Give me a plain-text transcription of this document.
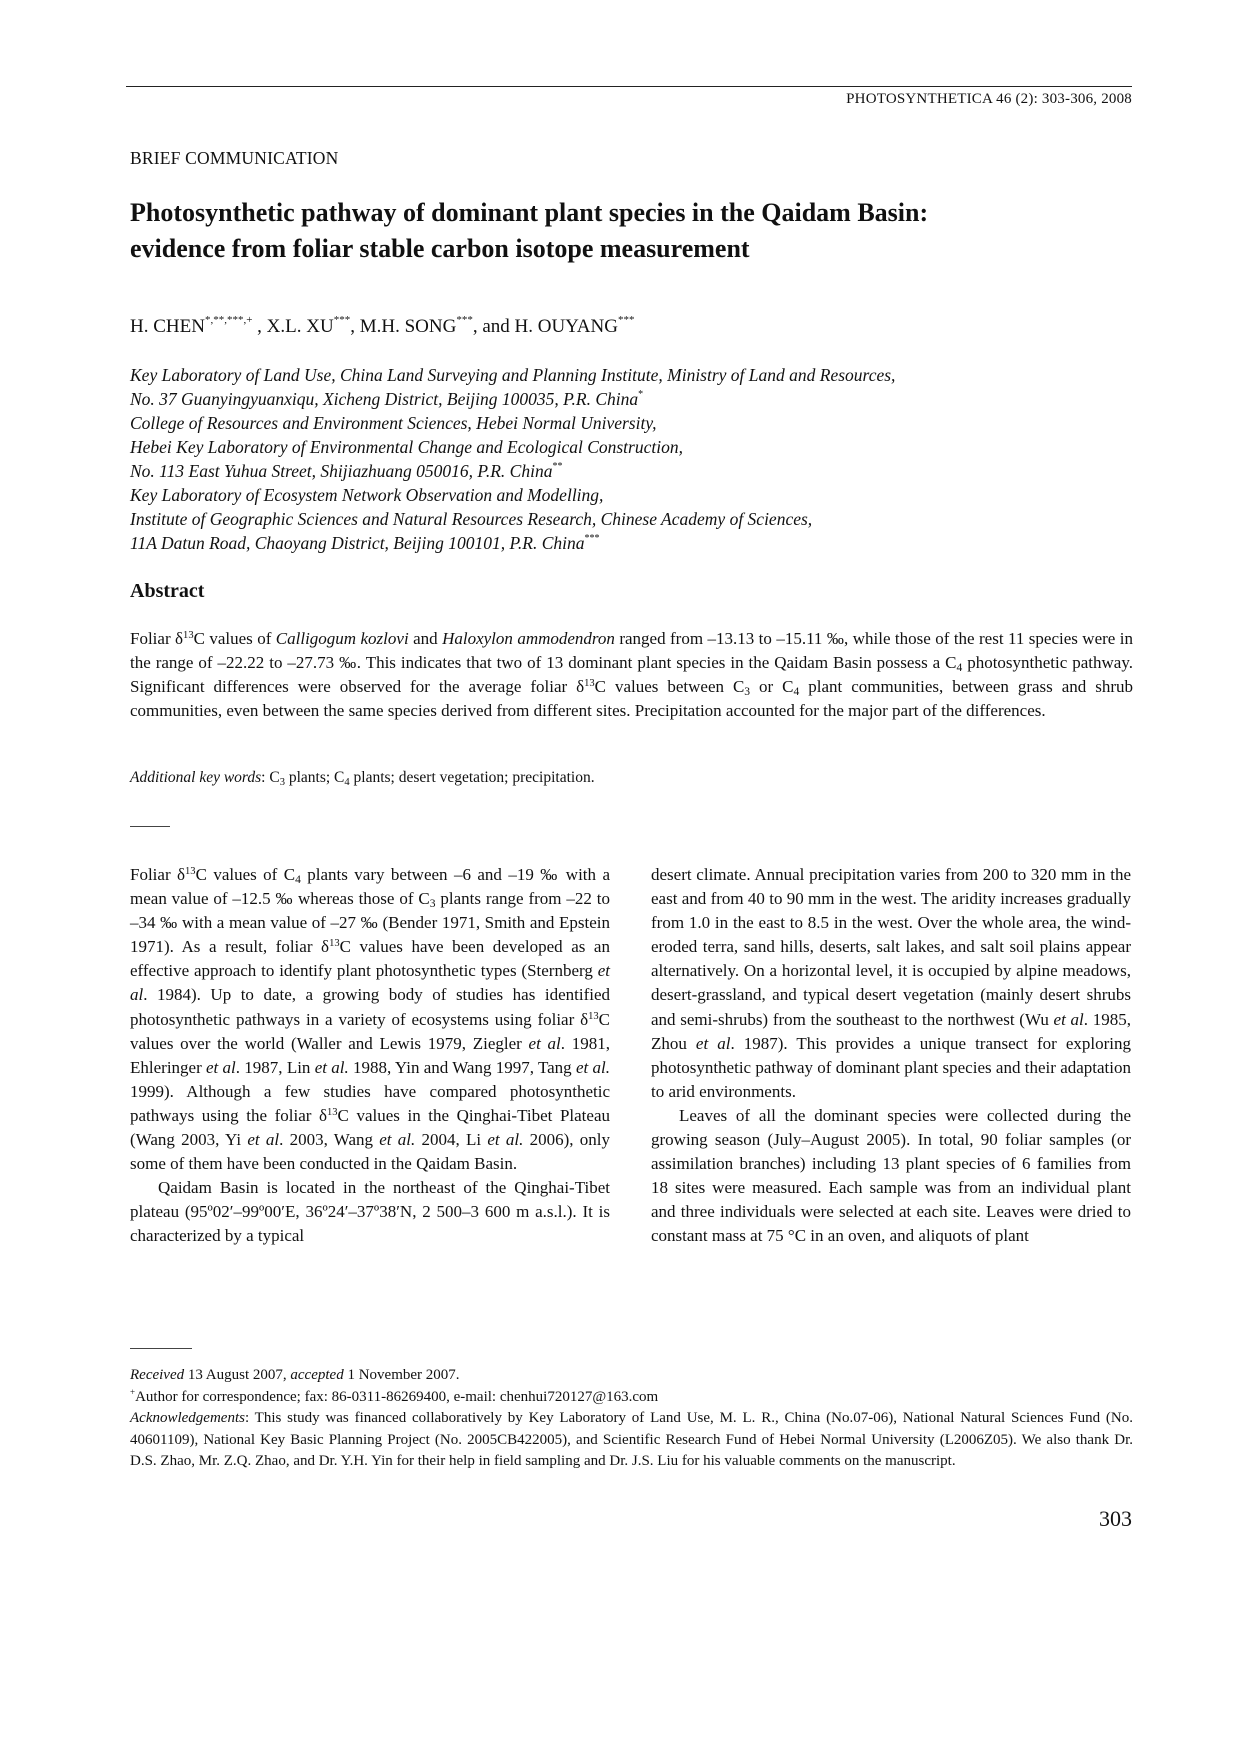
PHOTOSYNTHETICA 46 (2): 303-306, 2008
BRIEF COMMUNICATION
Photosynthetic pathway of dominant plant species in the Qaidam Basin:
evidence from foliar stable carbon isotope measurement
H. CHEN*,**,***,+ , X.L. XU***, M.H. SONG***, and H. OUYANG***
Key Laboratory of Land Use, China Land Surveying and Planning Institute, Ministry of Land and Resources,
No. 37 Guanyingyuanxiqu, Xicheng District, Beijing 100035, P.R. China*
College of Resources and Environment Sciences, Hebei Normal University,
Hebei Key Laboratory of Environmental Change and Ecological Construction,
No. 113 East Yuhua Street, Shijiazhuang 050016, P.R. China**
Key Laboratory of Ecosystem Network Observation and Modelling,
Institute of Geographic Sciences and Natural Resources Research, Chinese Academy of Sciences,
11A Datun Road, Chaoyang District, Beijing 100101, P.R. China***
Abstract
Foliar $\delta^{13}C$ values of Calligogum kozlovi and Haloxylon ammodendron ranged from –13.13 to –15.11 ‰, while those of the rest 11 species were in the range of –22.22 to –27.73 ‰. This indicates that two of 13 dominant plant species in the Qaidam Basin possess a $C_4$ photosynthetic pathway. Significant differences were observed for the average foliar $\delta^{13}C$ values between $C_3$ or $C_4$ plant communities, between grass and shrub communities, even between the same species derived from different sites. Precipitation accounted for the major part of the differences.
Additional key words: $C_3$ plants; $C_4$ plants; desert vegetation; precipitation.

Foliar $\delta^{13}C$ values of $C_4$ plants vary between –6 and –19 ‰ with a mean value of –12.5 ‰ whereas those of $C_3$ plants range from –22 to –34 ‰ with a mean value of –27 ‰ (Bender 1971, Smith and Epstein 1971). As a result, foliar $\delta^{13}C$ values have been developed as an effective approach to identify plant photosynthetic types (Sternberg et al. 1984). Up to date, a growing body of studies has identified photosynthetic pathways in a variety of ecosystems using foliar $\delta^{13}C$ values over the world (Waller and Lewis 1979, Ziegler et al. 1981, Ehleringer et al. 1987, Lin et al. 1988, Yin and Wang 1997, Tang et al. 1999). Although a few studies have compared photosynthetic pathways using the foliar $\delta^{13}C$ values in the Qinghai-Tibet Plateau (Wang 2003, Yi et al. 2003, Wang et al. 2004, Li et al. 2006), only some of them have been conducted in the Qaidam Basin.

Qaidam Basin is located in the northeast of the Qinghai-Tibet plateau (95º02′–99º00′E, 36º24′–37º38′N, 2 500–3 600 m a.s.l.). It is characterized by a typical

desert climate. Annual precipitation varies from 200 to 320 mm in the east and from 40 to 90 mm in the west. The aridity increases gradually from 1.0 in the east to 8.5 in the west. Over the whole area, the wind-eroded terra, sand hills, deserts, salt lakes, and salt soil plains appear alternatively. On a horizontal level, it is occupied by alpine meadows, desert-grassland, and typical desert vegetation (mainly desert shrubs and semi-shrubs) from the southeast to the northwest (Wu et al. 1985, Zhou et al. 1987). This provides a unique transect for exploring photosynthetic pathway of dominant plant species and their adaptation to arid environments.

Leaves of all the dominant species were collected during the growing season (July–August 2005). In total, 90 foliar samples (or assimilation branches) including 13 plant species of 6 families from 18 sites were measured. Each sample was from an individual plant and three individuals were selected at each site. Leaves were dried to constant mass at 75 °C in an oven, and aliquots of plant

Received 13 August 2007, accepted 1 November 2007.

+Author for correspondence; fax: 86-0311-86269400, e-mail: chenhui720127@163.com

Acknowledgements: This study was financed collaboratively by Key Laboratory of Land Use, M. L. R., China (No.07-06), National Natural Sciences Fund (No. 40601109), National Key Basic Planning Project (No. 2005CB422005), and Scientific Research Fund of Hebei Normal University (L2006Z05). We also thank Dr. D.S. Zhao, Mr. Z.Q. Zhao, and Dr. Y.H. Yin for their help in field sampling and Dr. J.S. Liu for his valuable comments on the manuscript.

303
